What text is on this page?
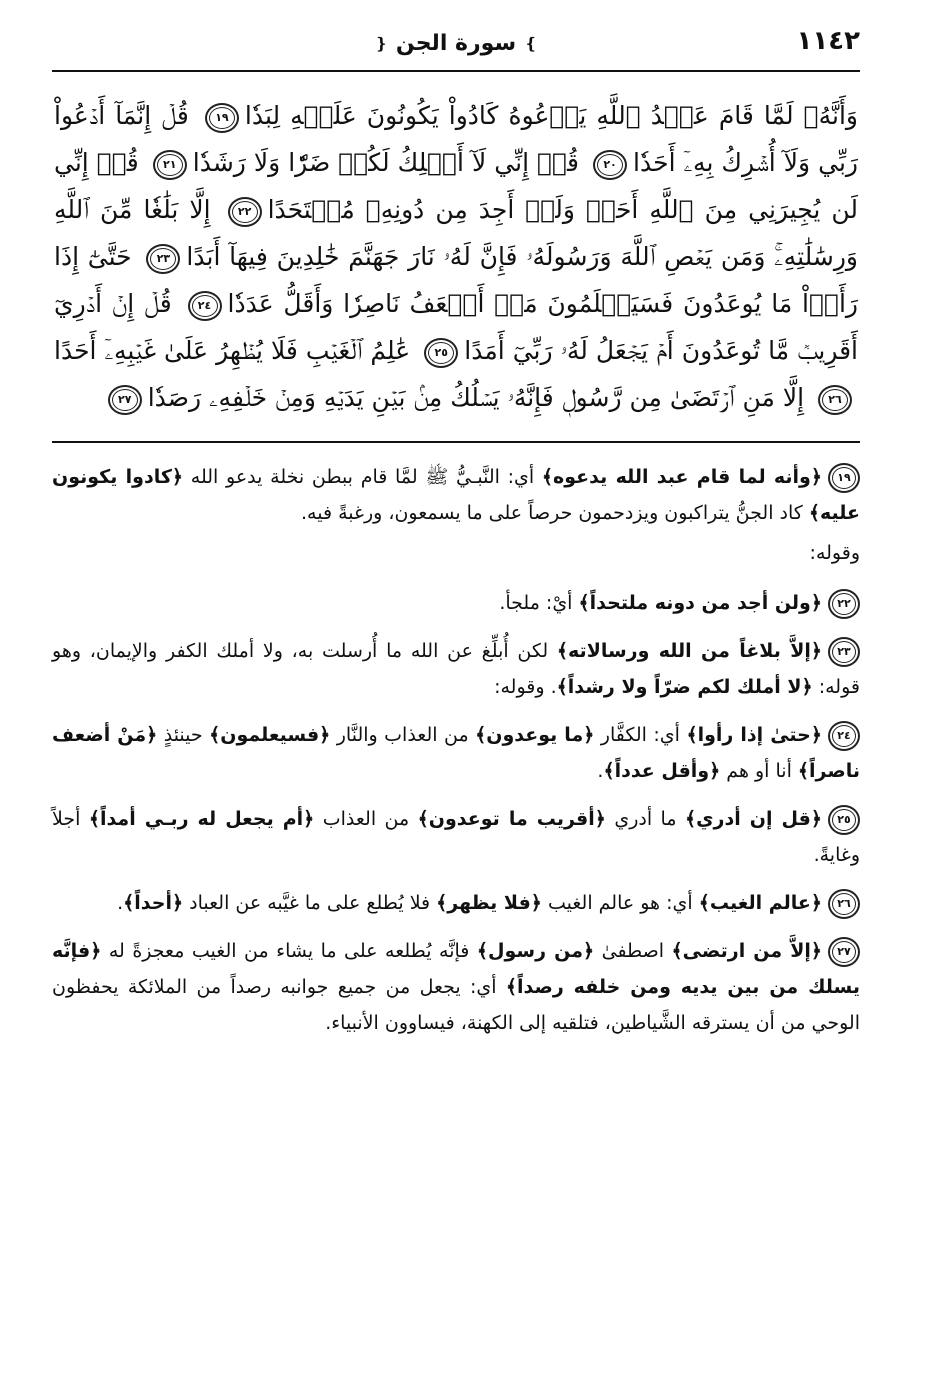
١١٤٢
❵
سورة الجن
❴
وَأَنَّهُۥ لَمَّا قَامَ عَبۡدُ ٱللَّهِ يَدۡعُوهُ كَادُواْ يَكُونُونَ عَلَيۡهِ لِبَدٗا١٩ قُلۡ إِنَّمَآ أَدۡعُواْ رَبِّي وَلَآ أُشۡرِكُ بِهِۦٓ أَحَدٗا٢٠ قُلۡ إِنِّي لَآ أَمۡلِكُ لَكُمۡ ضَرّٗا وَلَا رَشَدٗا٢١ قُلۡ إِنِّي لَن يُجِيرَنِي مِنَ ٱللَّهِ أَحَدٞ وَلَنۡ أَجِدَ مِن دُونِهِۦ مُلۡتَحَدًا٢٢ إِلَّا بَلَٰغٗا مِّنَ ٱللَّهِ وَرِسَٰلَٰتِهِۦۚ وَمَن يَعۡصِ ٱللَّهَ وَرَسُولَهُۥ فَإِنَّ لَهُۥ نَارَ جَهَنَّمَ خَٰلِدِينَ فِيهَآ أَبَدًا٢٣ حَتَّىٰٓ إِذَا رَأَوۡاْ مَا يُوعَدُونَ فَسَيَعۡلَمُونَ مَنۡ أَضۡعَفُ نَاصِرٗا وَأَقَلُّ عَدَدٗا٢٤ قُلۡ إِنۡ أَدۡرِيٓ أَقَرِيبٞ مَّا تُوعَدُونَ أَمۡ يَجۡعَلُ لَهُۥ رَبِّيٓ أَمَدًا٢٥ عَٰلِمُ ٱلۡغَيۡبِ فَلَا يُظۡهِرُ عَلَىٰ غَيۡبِهِۦٓ أَحَدًا٢٦ إِلَّا مَنِ ٱرۡتَضَىٰ مِن رَّسُولٖ فَإِنَّهُۥ يَسۡلُكُ مِنۢ بَيۡنِ يَدَيۡهِ وَمِنۡ خَلۡفِهِۦ رَصَدٗا٢٧
١٩﴿وأنه لما قام عبد الله يدعوه﴾ أي: النَّبـيُّ ﷺ لمَّا قام ببطن نخلة يدعو الله ﴿كادوا يكونون عليه﴾ كاد الجنُّ يتراكبون ويزدحمون حرصاً على ما يسمعون، ورغبةً فيه.
وقوله:
٢٢﴿ولن أجد من دونه ملتحداً﴾ أيْ: ملجأ.
٢٣﴿إلاَّ بلاغاً من الله ورسالاته﴾ لكن أُبلِّغ عن الله ما أُرسلت به، ولا أملك الكفر والإيمان، وهو قوله: ﴿لا أملك لكم ضرّاً ولا رشداً﴾. وقوله:
٢٤﴿حتىٰ إذا رأوا﴾ أي: الكفَّار ﴿ما يوعدون﴾ من العذاب والنَّار ﴿فسيعلمون﴾ حينئذٍ ﴿مَنْ أضعف ناصراً﴾ أنا أو هم ﴿وأقل عدداً﴾.
٢٥﴿قل إن أدري﴾ ما أدري ﴿أقريب ما توعدون﴾ من العذاب ﴿أم يجعل له ربـي أمداً﴾ أجلاً وغايةً.
٢٦﴿عالم الغيب﴾ أي: هو عالم الغيب ﴿فلا يظهر﴾ فلا يُطلع على ما غيَّبه عن العباد ﴿أحداً﴾.
٢٧﴿إلاَّ من ارتضى﴾ اصطفىٰ ﴿من رسول﴾ فإنَّه يُطلعه على ما يشاء من الغيب معجزةً له ﴿فإنَّه يسلك من بين يديه ومن خلفه رصداً﴾ أي: يجعل من جميع جوانبه رصداً من الملائكة يحفظون الوحي من أن يسترقه الشَّياطين، فتلقيه إلى الكهنة، فيساوون الأنبياء.
